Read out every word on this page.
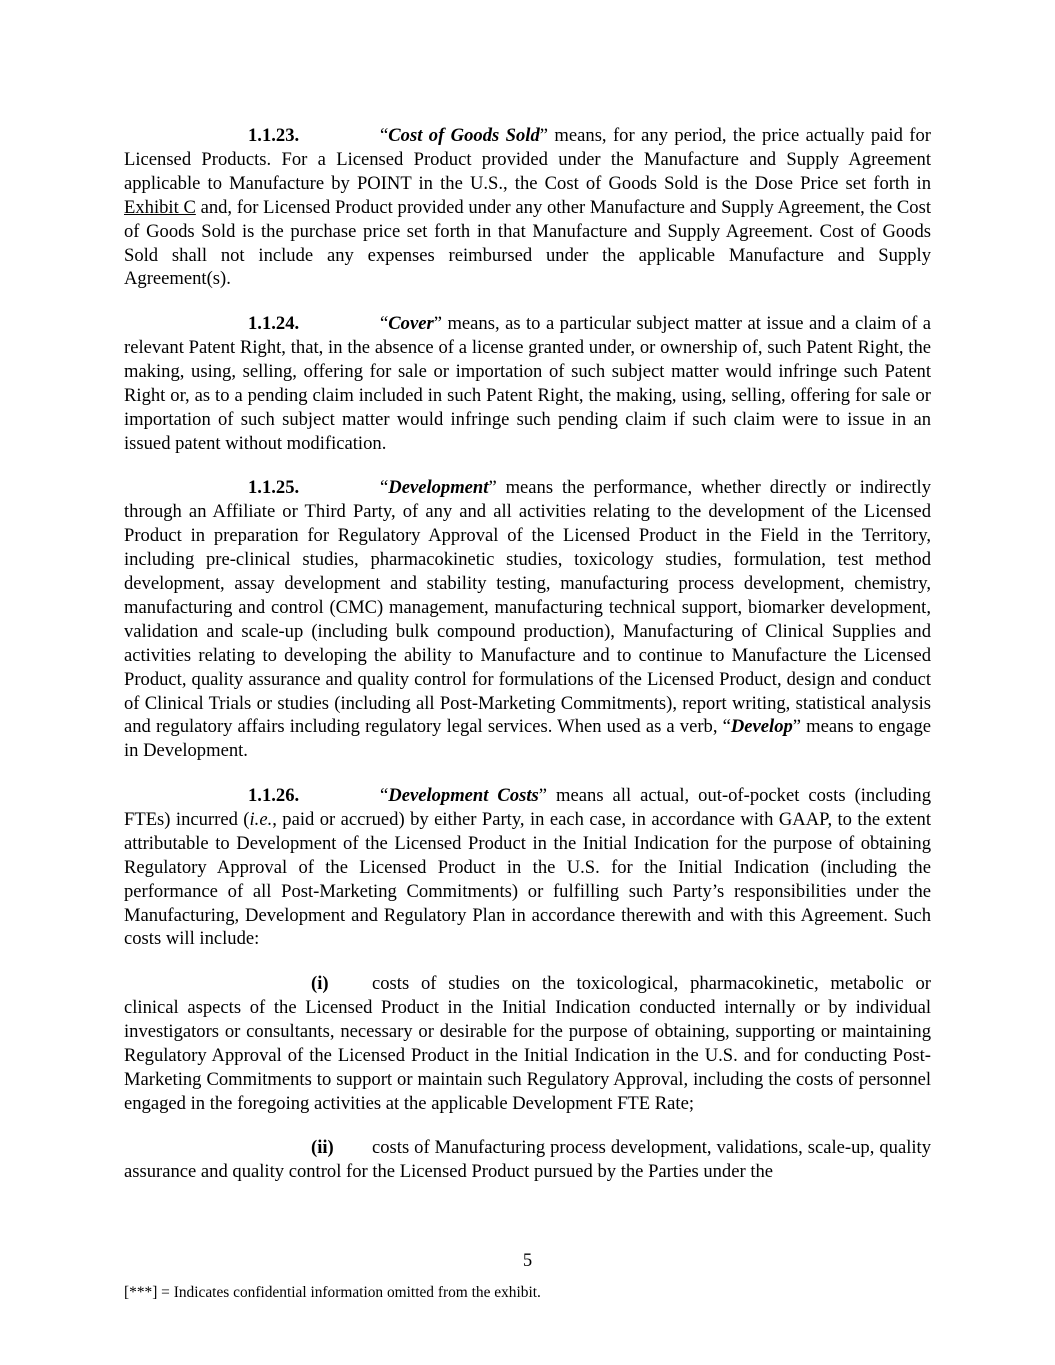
1.1.23.	“Cost of Goods Sold” means, for any period, the price actually paid for Licensed Products. For a Licensed Product provided under the Manufacture and Supply Agreement applicable to Manufacture by POINT in the U.S., the Cost of Goods Sold is the Dose Price set forth in Exhibit C and, for Licensed Product provided under any other Manufacture and Supply Agreement, the Cost of Goods Sold is the purchase price set forth in that Manufacture and Supply Agreement. Cost of Goods Sold shall not include any expenses reimbursed under the applicable Manufacture and Supply Agreement(s).

1.1.24.	“Cover” means, as to a particular subject matter at issue and a claim of a relevant Patent Right, that, in the absence of a license granted under, or ownership of, such Patent Right, the making, using, selling, offering for sale or importation of such subject matter would infringe such Patent Right or, as to a pending claim included in such Patent Right, the making, using, selling, offering for sale or importation of such subject matter would infringe such pending claim if such claim were to issue in an issued patent without modification.

1.1.25.	“Development” means the performance, whether directly or indirectly through an Affiliate or Third Party, of any and all activities relating to the development of the Licensed Product in preparation for Regulatory Approval of the Licensed Product in the Field in the Territory, including pre-clinical studies, pharmacokinetic studies, toxicology studies, formulation, test method development, assay development and stability testing, manufacturing process development, chemistry, manufacturing and control (CMC) management, manufacturing technical support, biomarker development, validation and scale-up (including bulk compound production), Manufacturing of Clinical Supplies and activities relating to developing the ability to Manufacture and to continue to Manufacture the Licensed Product, quality assurance and quality control for formulations of the Licensed Product, design and conduct of Clinical Trials or studies (including all Post-Marketing Commitments), report writing, statistical analysis and regulatory affairs including regulatory legal services. When used as a verb, “Develop” means to engage in Development.

1.1.26.	“Development Costs” means all actual, out-of-pocket costs (including FTEs) incurred (i.e., paid or accrued) by either Party, in each case, in accordance with GAAP, to the extent attributable to Development of the Licensed Product in the Initial Indication for the purpose of obtaining Regulatory Approval of the Licensed Product in the U.S. for the Initial Indication (including the performance of all Post-Marketing Commitments) or fulfilling such Party’s responsibilities under the Manufacturing, Development and Regulatory Plan in accordance therewith and with this Agreement. Such costs will include:

(i) costs of studies on the toxicological, pharmacokinetic, metabolic or clinical aspects of the Licensed Product in the Initial Indication conducted internally or by individual investigators or consultants, necessary or desirable for the purpose of obtaining, supporting or maintaining Regulatory Approval of the Licensed Product in the Initial Indication in the U.S. and for conducting Post-Marketing Commitments to support or maintain such Regulatory Approval, including the costs of personnel engaged in the foregoing activities at the applicable Development FTE Rate;

(ii) costs of Manufacturing process development, validations, scale-up, quality assurance and quality control for the Licensed Product pursued by the Parties under the

5
[***] = Indicates confidential information omitted from the exhibit.
